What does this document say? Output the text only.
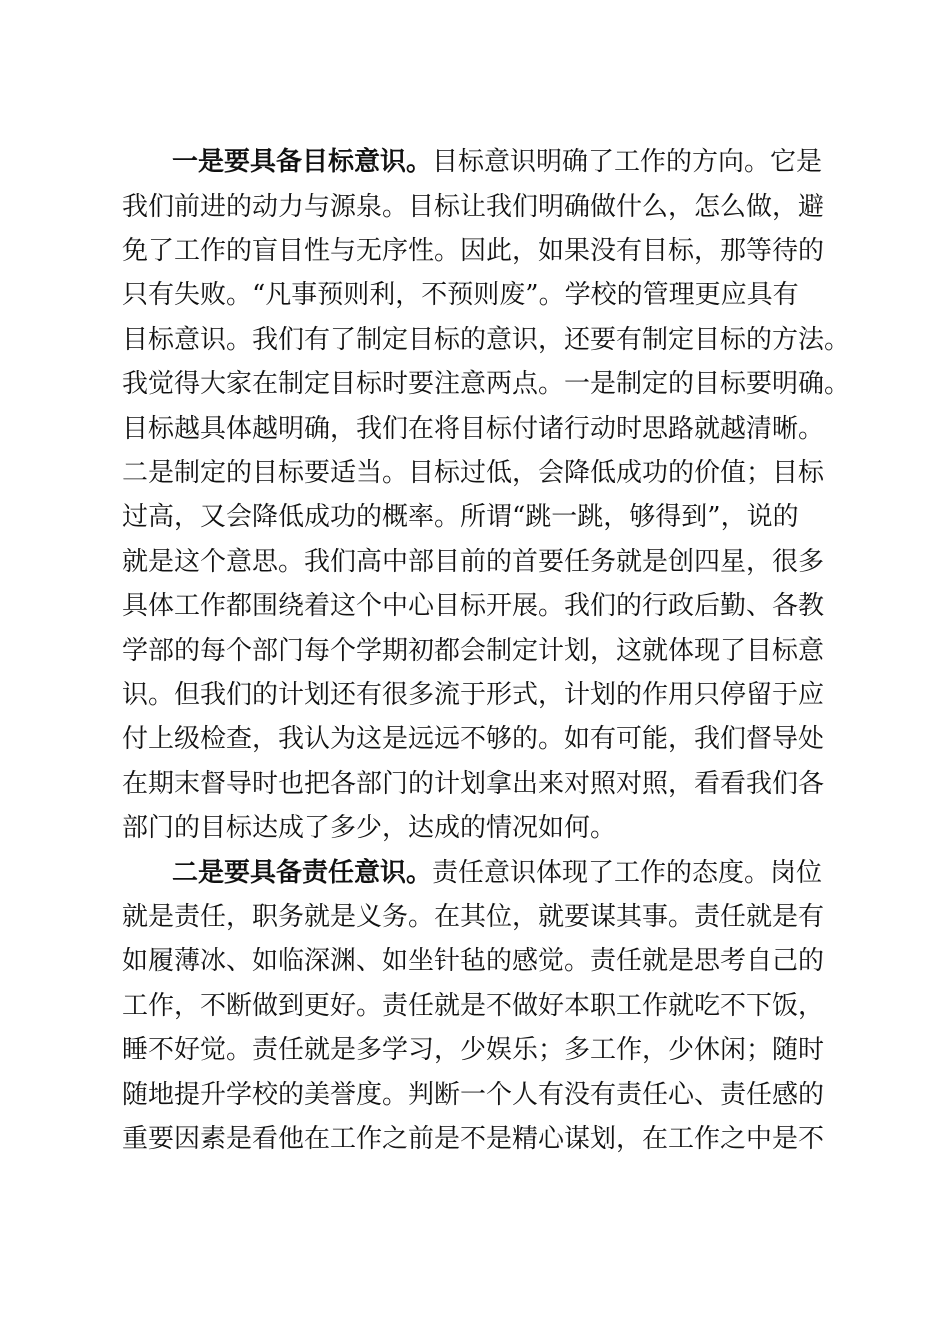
一是要具备目标意识。目标意识明确了工作的方向。它是
我们前进的动力与源泉。目标让我们明确做什么，怎么做，避
免了工作的盲目性与无序性。因此，如果没有目标，那等待的
只有失败。“凡事预则利，不预则废”。学校的管理更应具有
目标意识。我们有了制定目标的意识，还要有制定目标的方法。
我觉得大家在制定目标时要注意两点。一是制定的目标要明确。
目标越具体越明确，我们在将目标付诸行动时思路就越清晰。
二是制定的目标要适当。目标过低，会降低成功的价值；目标
过高，又会降低成功的概率。所谓“跳一跳，够得到”，说的
就是这个意思。我们高中部目前的首要任务就是创四星，很多
具体工作都围绕着这个中心目标开展。我们的行政后勤、各教
学部的每个部门每个学期初都会制定计划，这就体现了目标意
识。但我们的计划还有很多流于形式，计划的作用只停留于应
付上级检查，我认为这是远远不够的。如有可能，我们督导处
在期末督导时也把各部门的计划拿出来对照对照，看看我们各
部门的目标达成了多少，达成的情况如何。
二是要具备责任意识。责任意识体现了工作的态度。岗位
就是责任，职务就是义务。在其位，就要谋其事。责任就是有
如履薄冰、如临深渊、如坐针毡的感觉。责任就是思考自己的
工作，不断做到更好。责任就是不做好本职工作就吃不下饭，
睡不好觉。责任就是多学习，少娱乐；多工作，少休闲；随时
随地提升学校的美誉度。判断一个人有没有责任心、责任感的
重要因素是看他在工作之前是不是精心谋划，在工作之中是不
